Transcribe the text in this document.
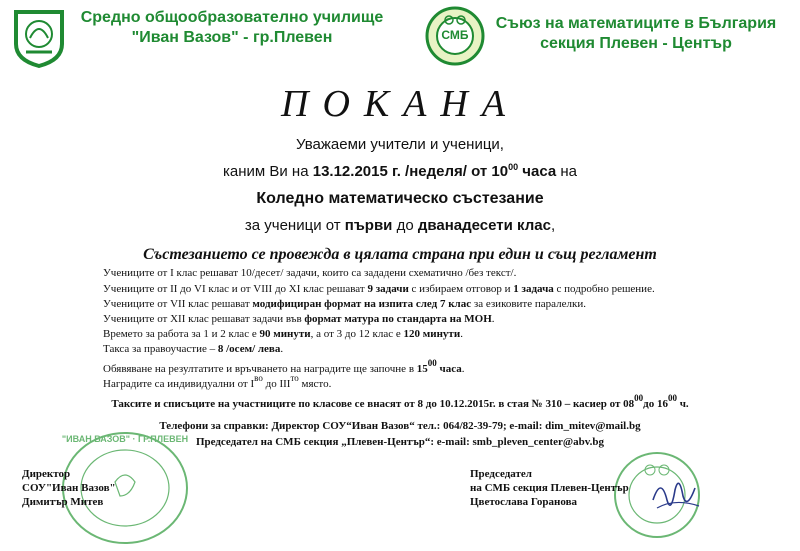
Средно общообразователно училище
"Иван Вазов" - гр.Плевен	СМБ
Съюз на математиците в България
секция Плевен - Център
ПОКАНА
Уважаеми учители и ученици,
каним Ви на 13.12.2015 г. /неделя/ от $10^{00}$ часа на
Коледно математическо състезание
за ученици от първи до дванадесети клас,
Състезанието се провежда в цялата страна при един и същ регламент
Учениците от I клас решават 10/десет/ задачи, които са зададени схематично /без текст/.
Учениците от II до VI клас и от VIII до XI клас решават 9 задачи с избираем отговор и 1 задача с подробно решение.
Учениците от VII клас решават модифициран формат на изпита след 7 клас за езиковите паралелки.
Учениците от XII клас решават задачи във формат матура по стандарта на МОН.
Времето за работа за 1 и 2 клас е 90 минути, а от 3 до 12 клас е 120 минути.
Такса за правоучастие – 8 /осем/ лева.
Обявяване на резултатите и връчването на наградите ще започне в $15^{00}$ часа.
Наградите са индивидуални от $I^{во}$ до $III^{то}$ място.
Таксите и списъците на участниците по класове се внасят от 8 до 10.12.2015г. в стая № 310 – касиер от $08^{00}до$ $16^{00}$ ч.
Телефони за справки: Директор СОУ“Иван Вазов“ тел.: 064/82-39-79; e-mail: dim_mitev@mail.bg
Председател на СМБ секция „Плевен-Център“: e-mail: smb_pleven_center@abv.bg
"ИВАН ВАЗОВ" · ГР.ПЛЕВЕН
Директор
СОУ"Иван Вазов"
Димитър Митев
Председател
на СМБ секция Плевен-Център
Цветослава Горанова
